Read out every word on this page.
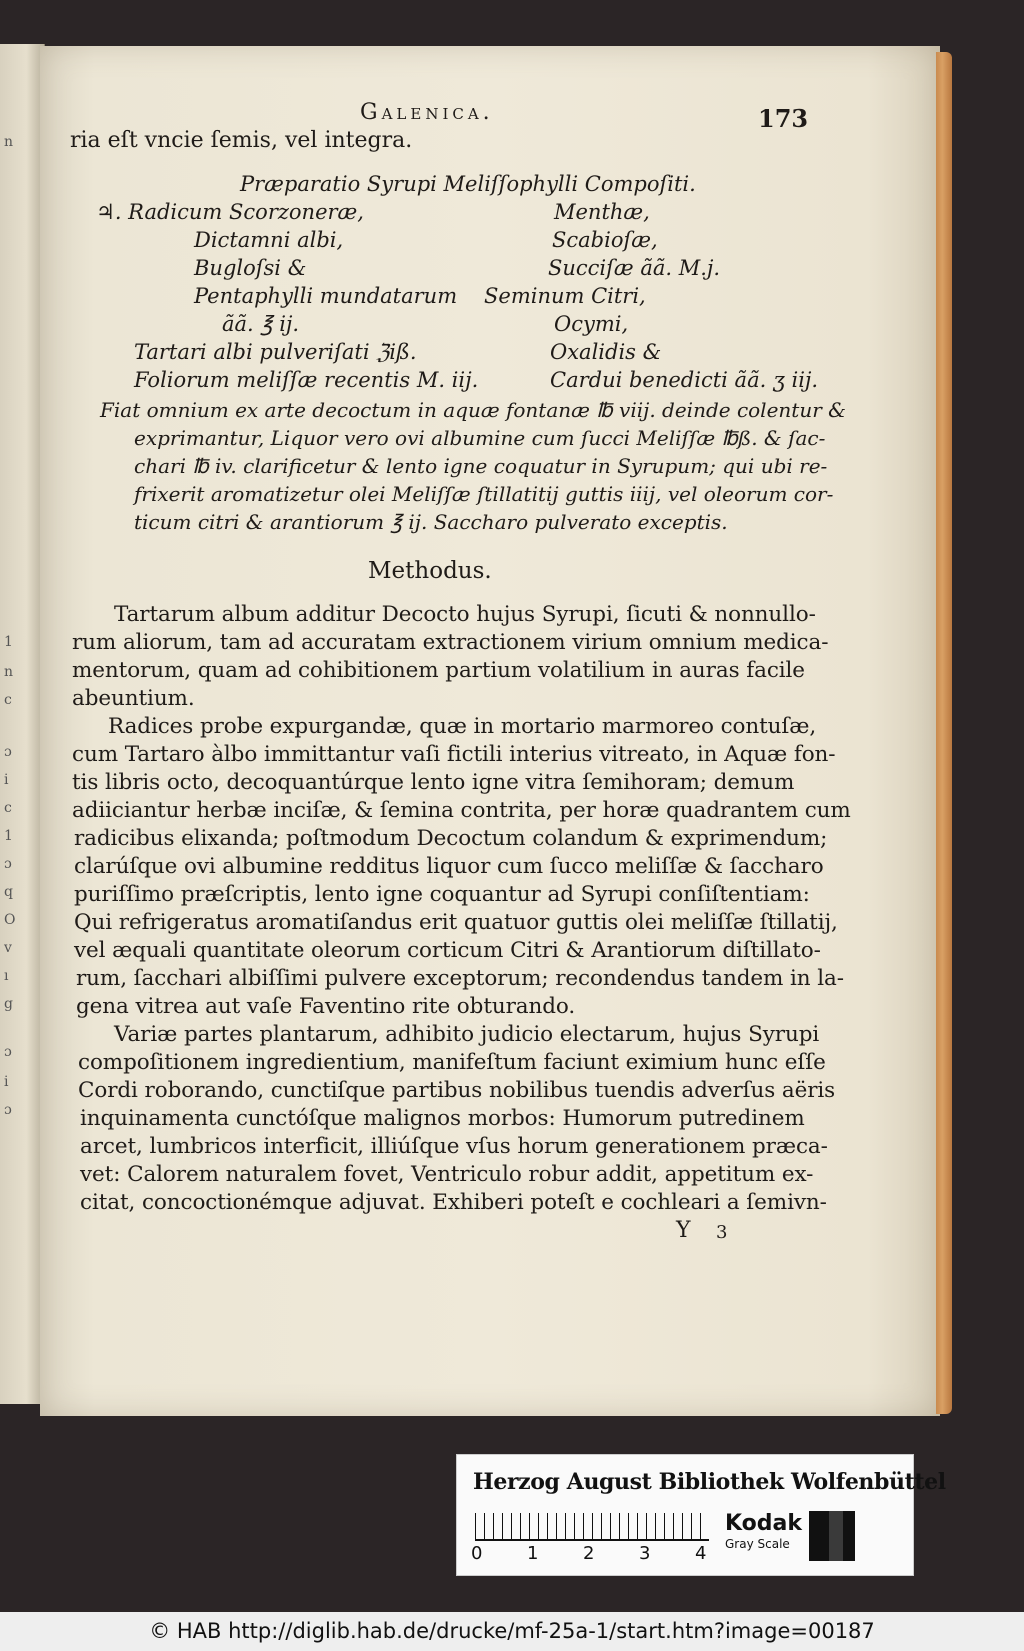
n
1
n
c
ɔ
i
c
1
ɔ
q
O
v
ı
g
ɔ
i
ɔ
Galenica.	173
ria eſt vncie ſemis, vel integra.
Præparatio Syrupi Meliſſophylli Compoſiti.
♃. Radicum Scorzoneræ,
Dictamni albi,
Bugloſsi &
Pentaphylli mundatarum
ãã. ℥ ij.
Tartari albi pulveriſati ℨiß.
Foliorum meliſſæ recentis M. iij.
Menthæ,
Scabioſæ,
Succiſæ ãã. M.j.
Seminum Citri,
Ocymi,
Oxalidis &
Cardui benedicti ãã. ʒ iij.
Fiat omnium ex arte decoctum in aquæ fontanæ ℔ viij. deinde colentur &
exprimantur, Liquor vero ovi albumine cum ſucci Meliſſæ ℔ß. & ſac-
chari ℔ iv. clarificetur & lento igne coquatur in Syrupum; qui ubi re-
frixerit aromatizetur olei Meliſſæ ſtillatitij guttis iiij, vel oleorum cor-
ticum citri & arantiorum ℥ ij. Saccharo pulverato exceptis.
Methodus.
Tartarum album additur Decocto hujus Syrupi, ſicuti & nonnullo-
rum aliorum, tam ad accuratam extractionem virium omnium medica-
mentorum, quam ad cohibitionem partium volatilium in auras facile
abeuntium.
Radices probe expurgandæ, quæ in mortario marmoreo contuſæ,
cum Tartaro àlbo immittantur vaſi fictili interius vitreato, in Aquæ fon-
tis libris octo, decoquantúrque lento igne vitra ſemihoram; demum
adiiciantur herbæ inciſæ, & ſemina contrita, per horæ quadrantem cum
radicibus elixanda; poſtmodum Decoctum colandum & exprimendum;
clarúſque ovi albumine redditus liquor cum ſucco meliſſæ & ſaccharo
puriſſimo præſcriptis, lento igne coquantur ad Syrupi conſiſtentiam:
Qui refrigeratus aromatiſandus erit quatuor guttis olei meliſſæ ſtillatij,
vel æquali quantitate oleorum corticum Citri & Arantiorum diſtillato-
rum, ſacchari albiſſimi pulvere exceptorum; recondendus tandem in la-
gena vitrea aut vaſe Faventino rite obturando.
Variæ partes plantarum, adhibito judicio electarum, hujus Syrupi
compoſitionem ingredientium, manifeſtum faciunt eximium hunc eſſe
Cordi roborando, cunctiſque partibus nobilibus tuendis adverſus aëris
inquinamenta cunctóſque malignos morbos: Humorum putredinem
arcet, lumbricos interficit, illiúſque vſus horum generationem præca-
vet: Calorem naturalem fovet, Ventriculo robur addit, appetitum ex-
citat, concoctionémque adjuvat. Exhiberi poteſt e cochleari a ſemivn-
Y 3
Herzog August Bibliothek Wolfenbüttel
0 1 2 3 4
Kodak
Gray Scale
© HAB http://diglib.hab.de/drucke/mf-25a-1/start.htm?image=00187
